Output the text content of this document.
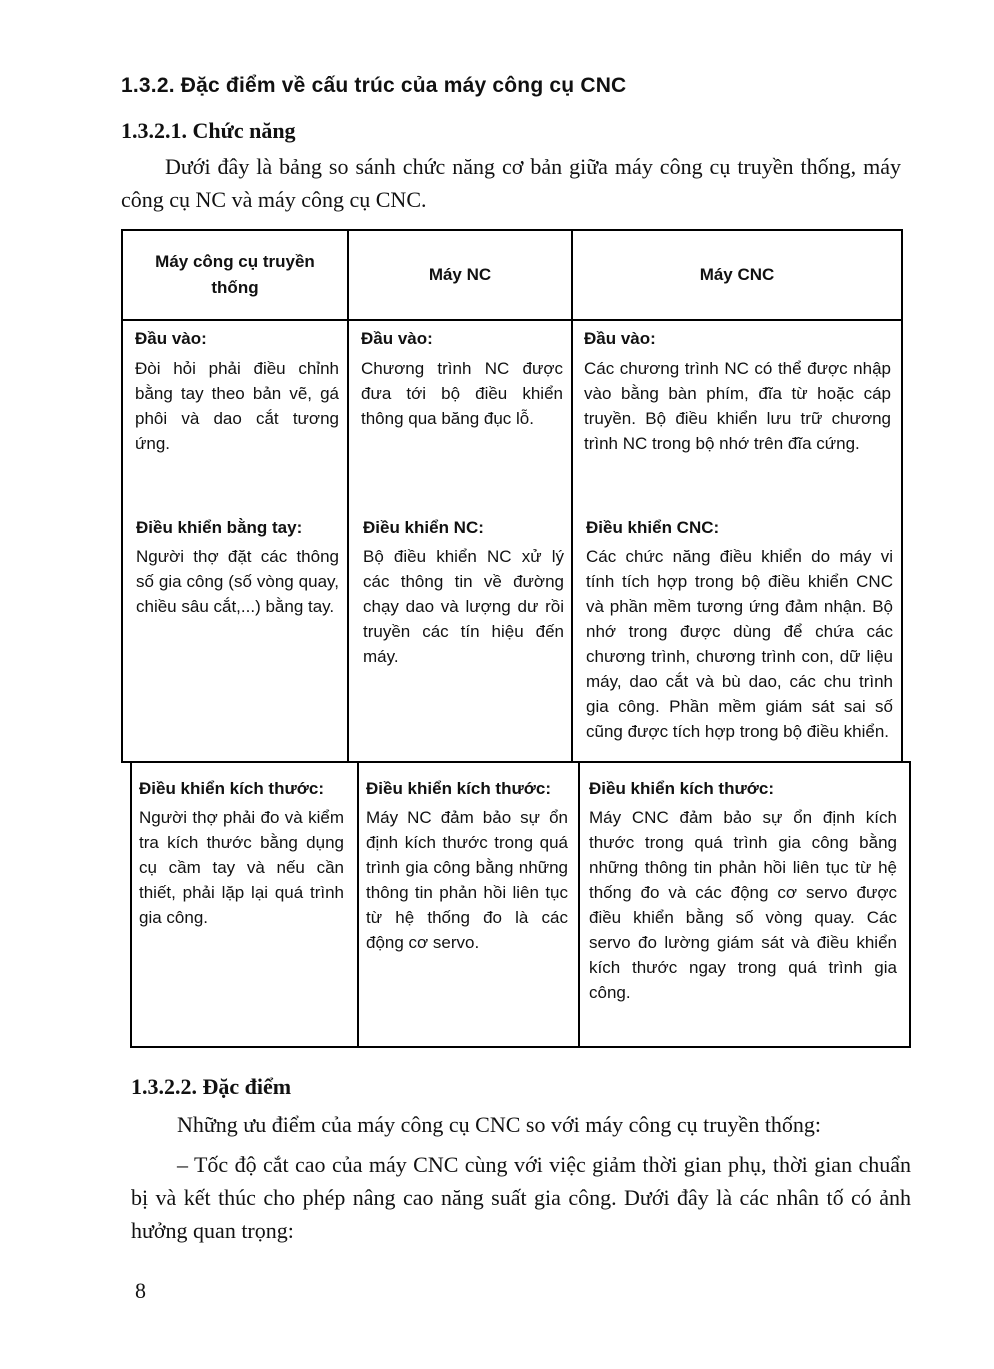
1.3.2. Đặc điểm về cấu trúc của máy công cụ CNC
1.3.2.1. Chức năng
Dưới đây là bảng so sánh chức năng cơ bản giữa máy công cụ truyền thống, máy công cụ NC và máy công cụ CNC.
Máy công cụ truyền thống
Máy NC	Máy CNC
Đầu vào:
Đòi hỏi phải điều chỉnh bằng tay theo bản vẽ, gá phôi và dao cắt tương ứng.
Đầu vào:
Chương trình NC được đưa tới bộ điều khiển thông qua băng đục lỗ.
Đầu vào:
Các chương trình NC có thể được nhập vào bằng bàn phím, đĩa từ hoặc cáp truyền. Bộ điều khiển lưu trữ chương trình NC trong bộ nhớ trên đĩa cứng.
Điều khiển bằng tay:
Người thợ đặt các thông số gia công (số vòng quay, chiều sâu cắt,...) bằng tay.
Điều khiển NC:
Bộ điều khiển NC xử lý các thông tin về đường chạy dao và lượng dư rồi truyền các tín hiệu đến máy.
Điều khiển CNC:
Các chức năng điều khiển do máy vi tính tích hợp trong bộ điều khiển CNC và phần mềm tương ứng đảm nhận. Bộ nhớ trong được dùng để chứa các chương trình, chương trình con, dữ liệu máy, dao cắt và bù dao, các chu trình gia công. Phần mềm giám sát sai số cũng được tích hợp trong bộ điều khiển.
Điều khiển kích thước:
Người thợ phải đo và kiểm tra kích thước bằng dụng cụ cầm tay và nếu cần thiết, phải lặp lại quá trình gia công.
Điều khiển kích thước:
Máy NC đảm bảo sự ổn định kích thước trong quá trình gia công bằng những thông tin phản hồi liên tục từ hệ thống đo là các động cơ servo.
Điều khiển kích thước:
Máy CNC đảm bảo sự ổn định kích thước trong quá trình gia công bằng những thông tin phản hồi liên tục từ hệ thống đo và các động cơ servo được điều khiển bằng số vòng quay. Các servo đo lường giám sát và điều khiển kích thước ngay trong quá trình gia công.
1.3.2.2. Đặc điểm
Những ưu điểm của máy công cụ CNC so với máy công cụ truyền thống:
– Tốc độ cắt cao của máy CNC cùng với việc giảm thời gian phụ, thời gian chuẩn bị và kết thúc cho phép nâng cao năng suất gia công. Dưới đây là các nhân tố có ảnh hưởng quan trọng:
8
